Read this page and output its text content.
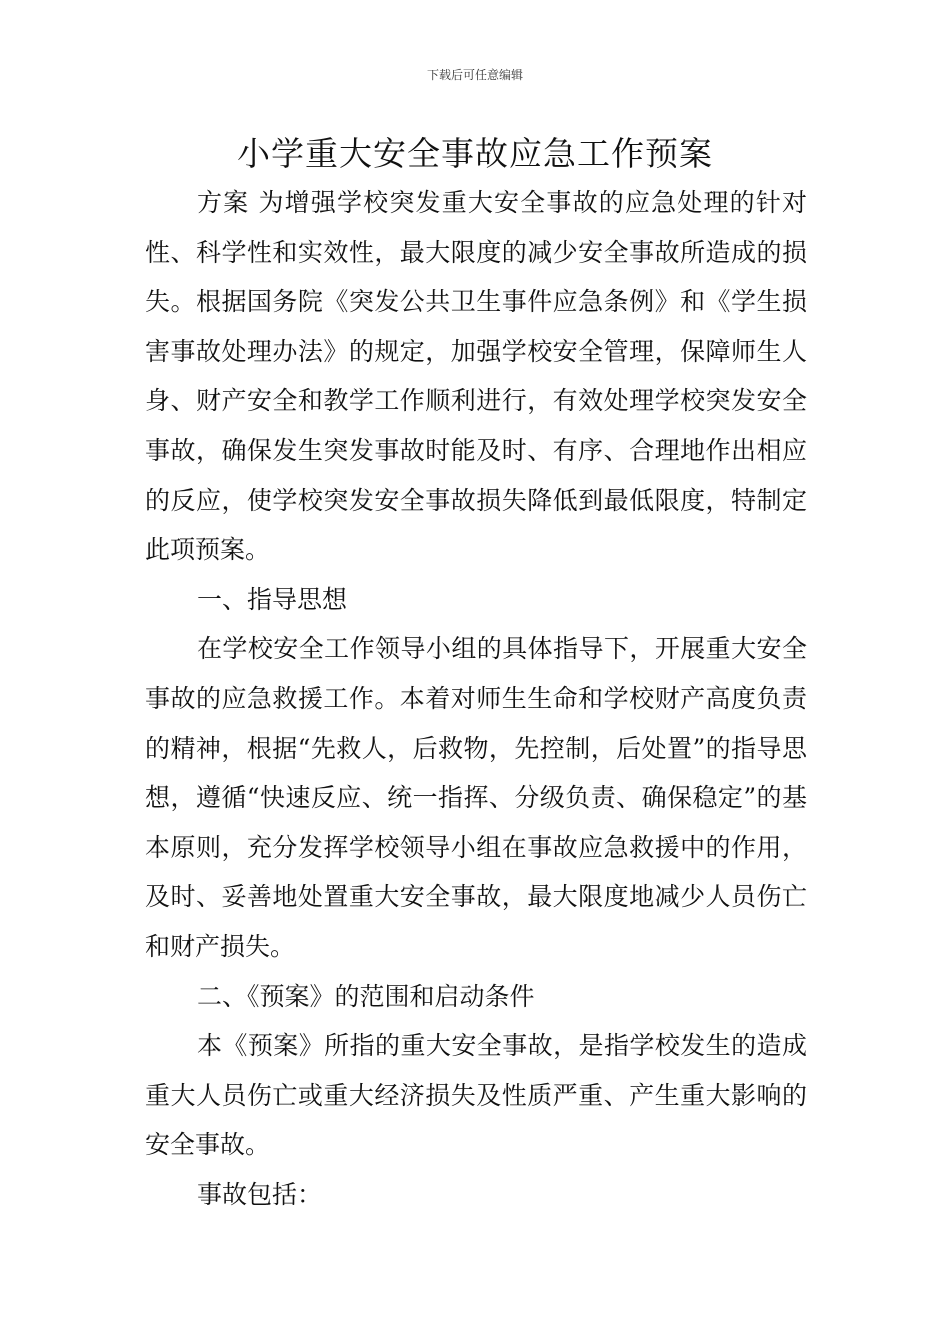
下载后可任意编辑
小学重大安全事故应急工作预案

方案 为增强学校突发重大安全事故的应急处理的针对性、科学性和实效性，最大限度的减少安全事故所造成的损失。根据国务院《突发公共卫生事件应急条例》和《学生损害事故处理办法》的规定，加强学校安全管理，保障师生人身、财产安全和教学工作顺利进行，有效处理学校突发安全事故，确保发生突发事故时能及时、有序、合理地作出相应的反应，使学校突发安全事故损失降低到最低限度，特制定此项预案。

一、指导思想

在学校安全工作领导小组的具体指导下，开展重大安全事故的应急救援工作。本着对师生生命和学校财产高度负责的精神，根据“先救人，后救物，先控制，后处置”的指导思想，遵循“快速反应、统一指挥、分级负责、确保稳定”的基本原则，充分发挥学校领导小组在事故应急救援中的作用，及时、妥善地处置重大安全事故，最大限度地减少人员伤亡和财产损失。

二、《预案》的范围和启动条件

本《预案》所指的重大安全事故，是指学校发生的造成重大人员伤亡或重大经济损失及性质严重、产生重大影响的安全事故。

事故包括：
